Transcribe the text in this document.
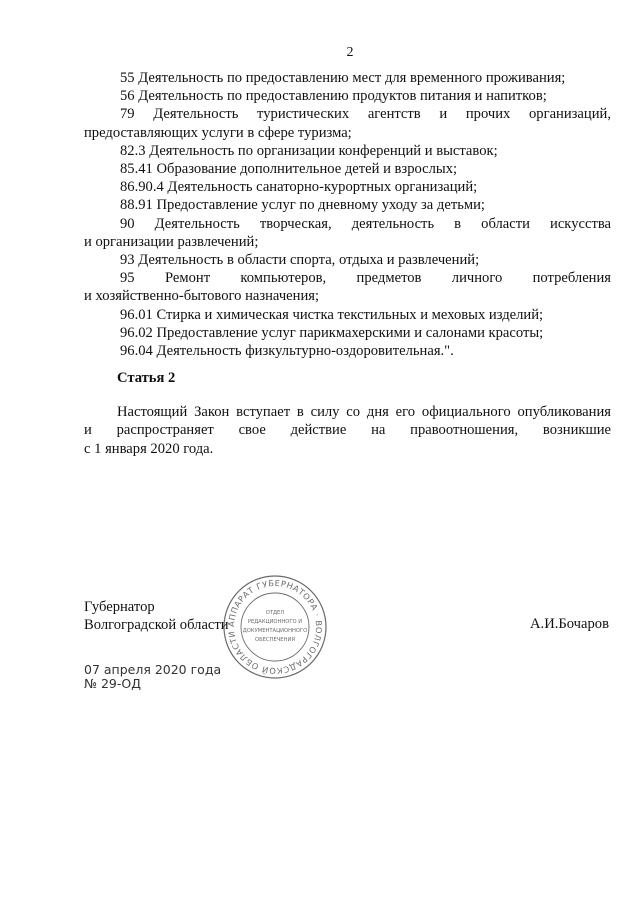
2

55 Деятельность по предоставлению мест для временного проживания;

56 Деятельность по предоставлению продуктов питания и напитков;

79 Деятельность туристических агентств и прочих организаций,

предоставляющих услуги в сфере туризма;

82.3 Деятельность по организации конференций и выставок;

85.41 Образование дополнительное детей и взрослых;

86.90.4 Деятельность санаторно-курортных организаций;

88.91 Предоставление услуг по дневному уходу за детьми;

90 Деятельность творческая, деятельность в области искусства

и организации развлечений;

93 Деятельность в области спорта, отдыха и развлечений;

95 Ремонт компьютеров, предметов личного потребления

и хозяйственно-бытового назначения;

96.01 Стирка и химическая чистка текстильных и меховых изделий;

96.02 Предоставление услуг парикмахерскими и салонами красоты;

96.04 Деятельность физкультурно-оздоровительная.".

Статья 2

Настоящий Закон вступает в силу со дня его официального опубликования

и распространяет свое действие на правоотношения, возникшие

с 1 января 2020 года.

АППАРАТ ГУБЕРНАТОРА · ВОЛГОГРАДСКОЙ ОБЛАСТИ
ОТДЕЛ
РЕДАКЦИОННОГО И
ДОКУМЕНТАЦИОННОГО
ОБЕСПЕЧЕНИЯ
Губернатор
Волгоградской области	А.И.Бочаров
07 апреля 2020 года
№ 29-ОД
